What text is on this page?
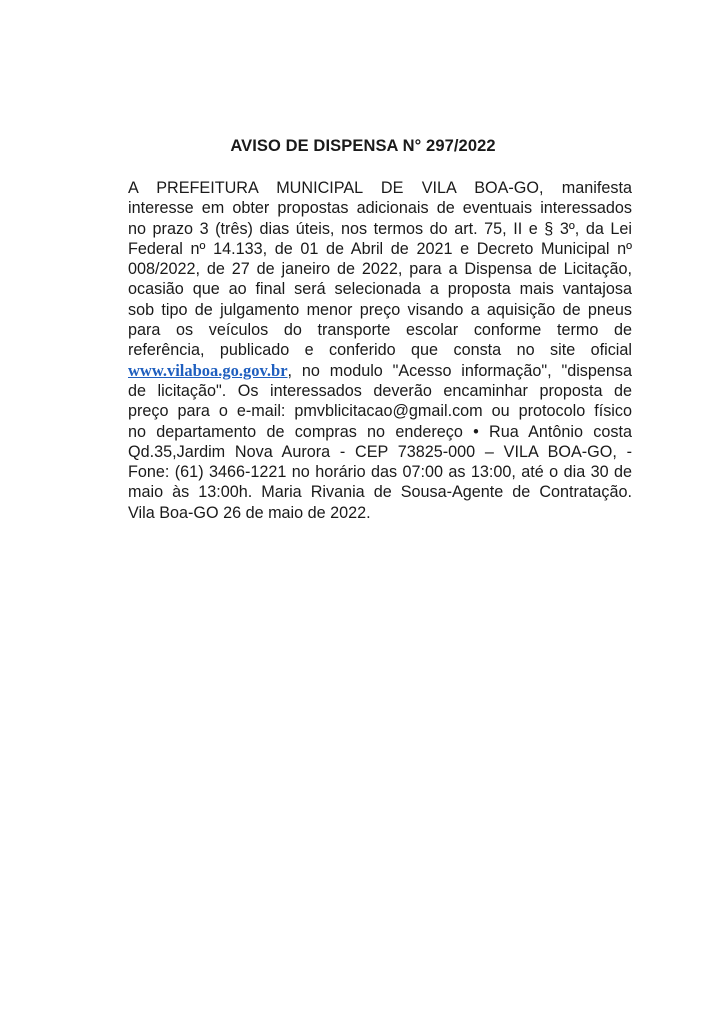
AVISO DE DISPENSA N° 297/2022
A PREFEITURA MUNICIPAL DE VILA BOA-GO, manifesta
interesse em obter propostas adicionais de eventuais interessados
no prazo 3 (três) dias úteis, nos termos do art. 75, II e § 3º, da Lei
Federal nº 14.133, de 01 de Abril de 2021 e Decreto Municipal nº
008/2022, de 27 de janeiro de 2022, para a Dispensa de Licitação,
ocasião que ao final será selecionada a proposta mais vantajosa
sob tipo de julgamento menor preço visando a aquisição de pneus
para os veículos do transporte escolar conforme termo de
referência, publicado e conferido que consta no site oficial
www.vilaboa.go.gov.br, no modulo "Acesso informação", "dispensa
de licitação". Os interessados deverão encaminhar proposta de
preço para o e-mail: pmvblicitacao@gmail.com ou protocolo físico
no departamento de compras no endereço • Rua Antônio costa
Qd.35,Jardim Nova Aurora - CEP 73825-000 – VILA BOA-GO, -
Fone: (61) 3466-1221 no horário das 07:00 as 13:00, até o dia 30 de
maio às 13:00h. Maria Rivania de Sousa-Agente de Contratação.
Vila Boa-GO 26 de maio de 2022.
